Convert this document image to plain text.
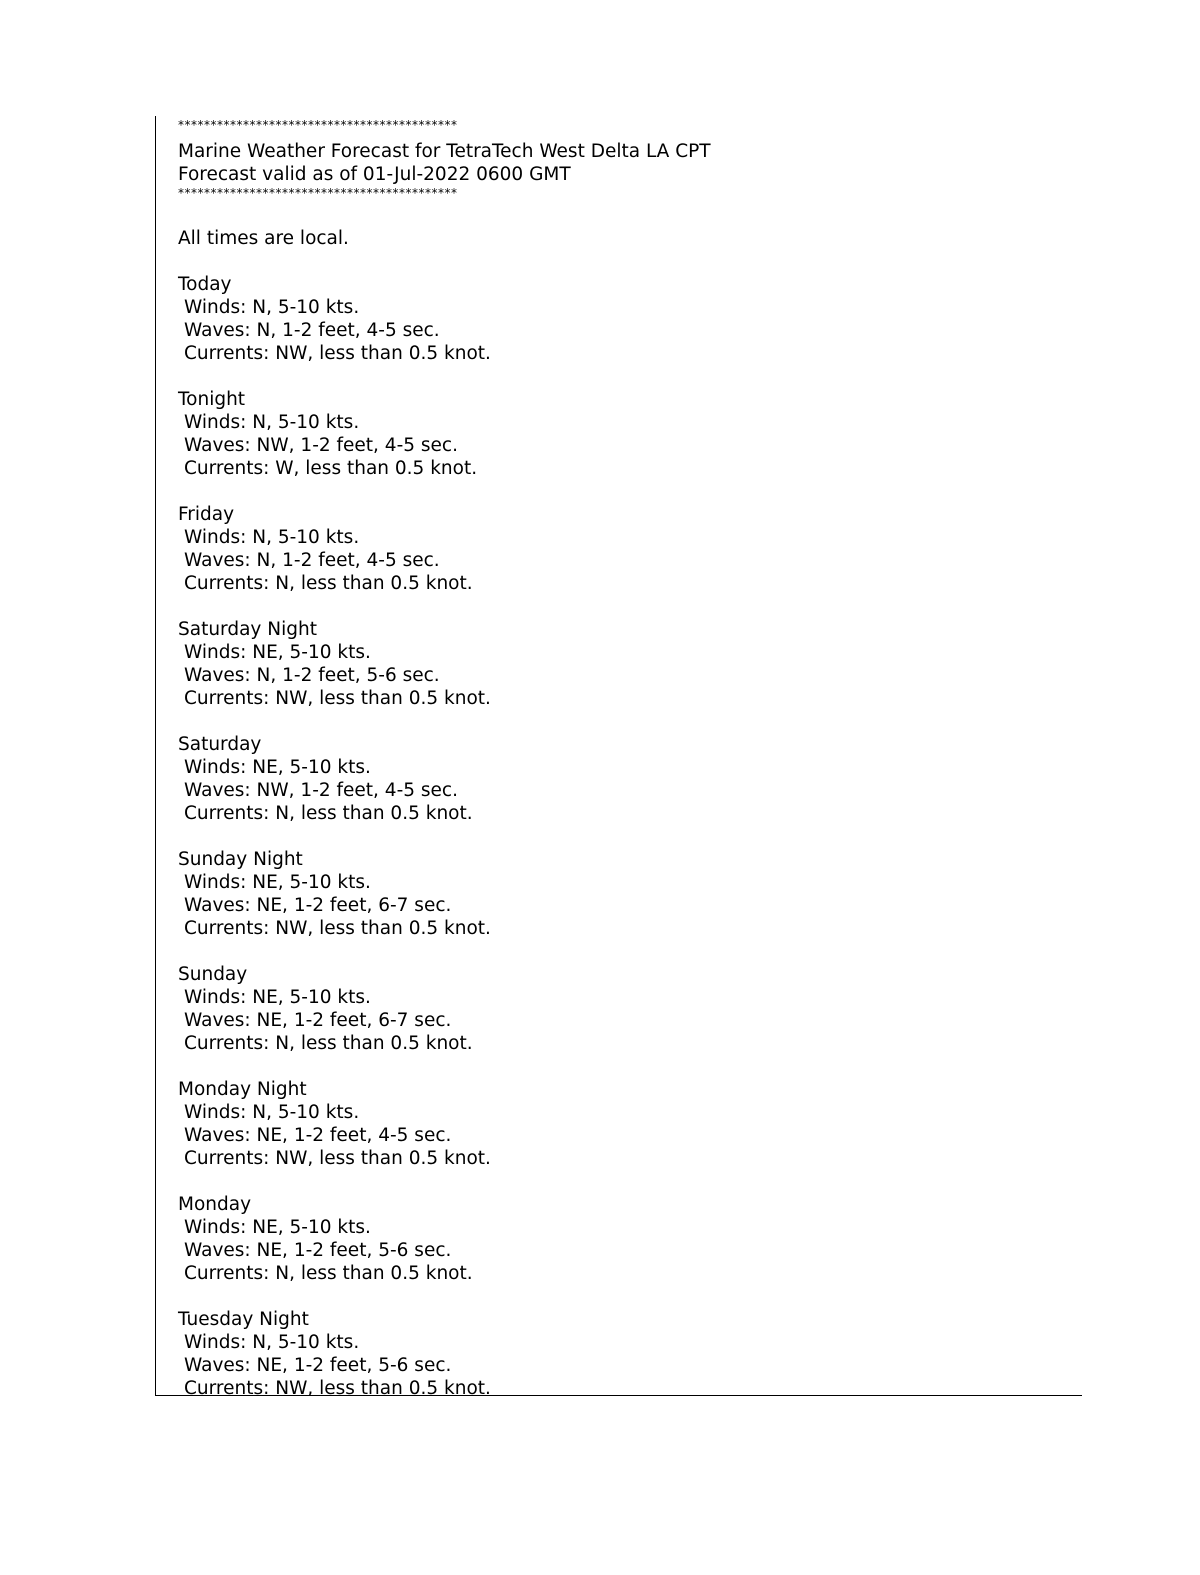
*******************************************
Marine Weather Forecast for TetraTech West Delta LA CPT
Forecast valid as of 01-Jul-2022 0600 GMT
*******************************************
All times are local.
Today
Winds: N, 5-10 kts.
Waves: N, 1-2 feet, 4-5 sec.
Currents: NW, less than 0.5 knot.
Tonight
Winds: N, 5-10 kts.
Waves: NW, 1-2 feet, 4-5 sec.
Currents: W, less than 0.5 knot.
Friday
Winds: N, 5-10 kts.
Waves: N, 1-2 feet, 4-5 sec.
Currents: N, less than 0.5 knot.
Saturday Night
Winds: NE, 5-10 kts.
Waves: N, 1-2 feet, 5-6 sec.
Currents: NW, less than 0.5 knot.
Saturday
Winds: NE, 5-10 kts.
Waves: NW, 1-2 feet, 4-5 sec.
Currents: N, less than 0.5 knot.
Sunday Night
Winds: NE, 5-10 kts.
Waves: NE, 1-2 feet, 6-7 sec.
Currents: NW, less than 0.5 knot.
Sunday
Winds: NE, 5-10 kts.
Waves: NE, 1-2 feet, 6-7 sec.
Currents: N, less than 0.5 knot.
Monday Night
Winds: N, 5-10 kts.
Waves: NE, 1-2 feet, 4-5 sec.
Currents: NW, less than 0.5 knot.
Monday
Winds: NE, 5-10 kts.
Waves: NE, 1-2 feet, 5-6 sec.
Currents: N, less than 0.5 knot.
Tuesday Night
Winds: N, 5-10 kts.
Waves: NE, 1-2 feet, 5-6 sec.
Currents: NW, less than 0.5 knot.
